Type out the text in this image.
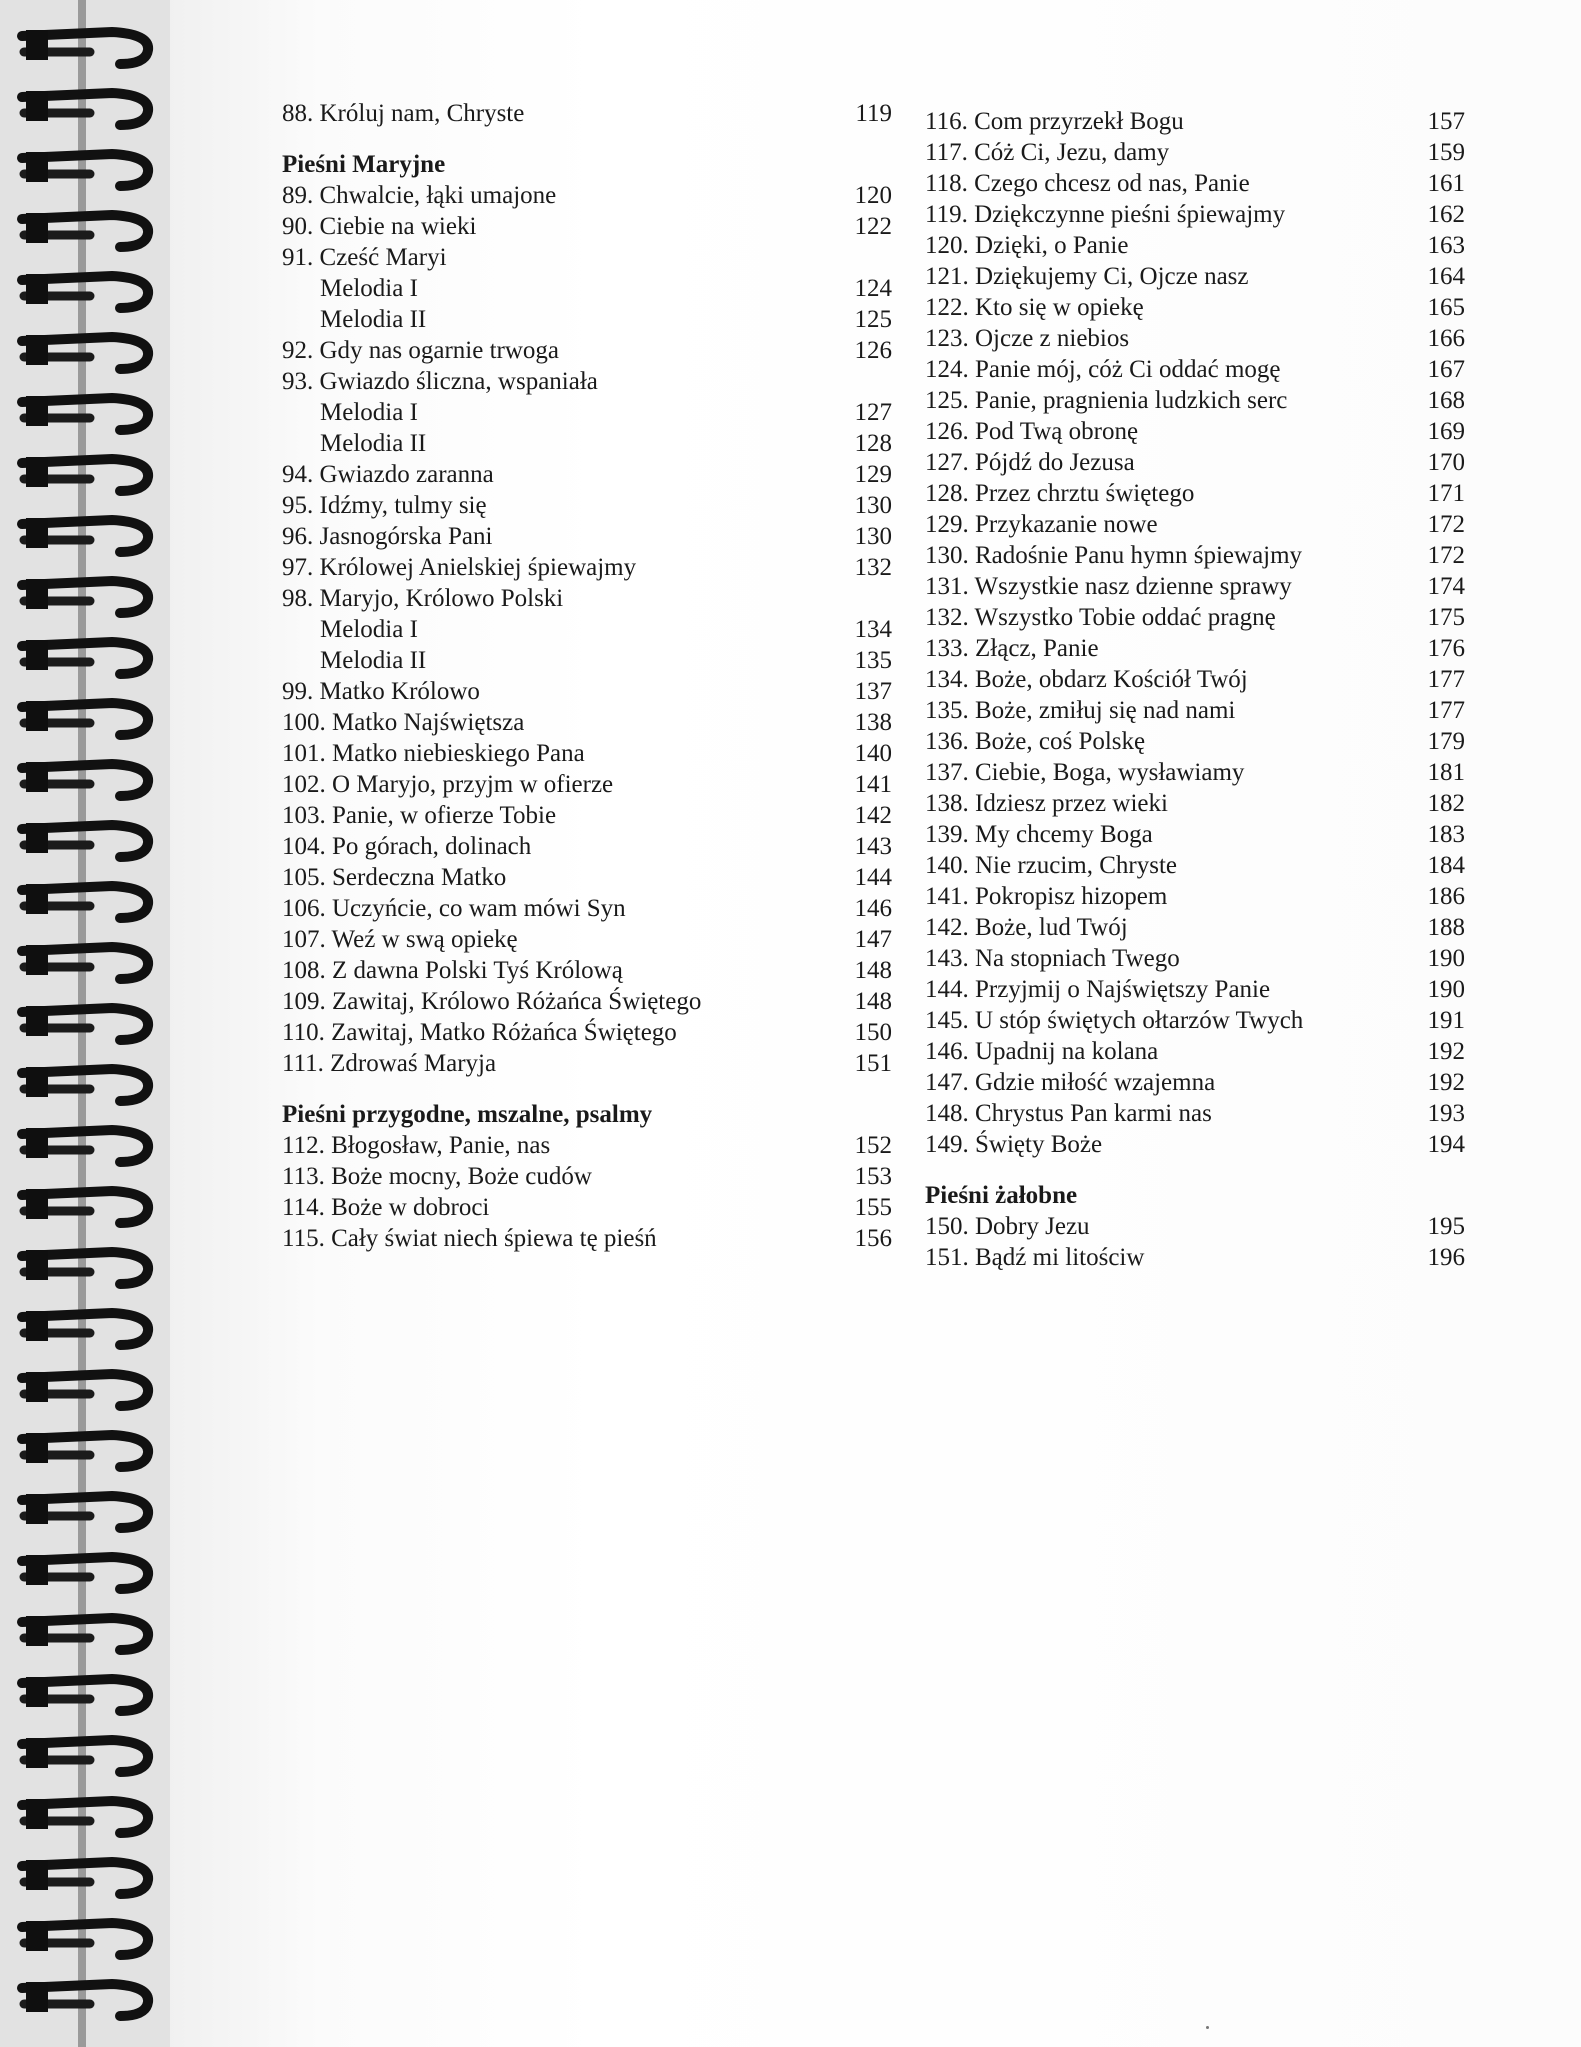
88. Króluj nam, Chryste	119
Pieśni Maryjne
89. Chwalcie, łąki umajone	120
90. Ciebie na wieki	122
91. Cześć Maryi
Melodia I	124
Melodia II	125
92. Gdy nas ogarnie trwoga	126
93. Gwiazdo śliczna, wspaniała
Melodia I	127
Melodia II	128
94. Gwiazdo zaranna	129
95. Idźmy, tulmy się	130
96. Jasnogórska Pani	130
97. Królowej Anielskiej śpiewajmy	132
98. Maryjo, Królowo Polski
Melodia I	134
Melodia II	135
99. Matko Królowo	137
100. Matko Najświętsza	138
101. Matko niebieskiego Pana	140
102. O Maryjo, przyjm w ofierze	141
103. Panie, w ofierze Tobie	142
104. Po górach, dolinach	143
105. Serdeczna Matko	144
106. Uczyńcie, co wam mówi Syn	146
107. Weź w swą opiekę	147
108. Z dawna Polski Tyś Królową	148
109. Zawitaj, Królowo Różańca Świętego	148
110. Zawitaj, Matko Różańca Świętego	150
111. Zdrowaś Maryja	151
Pieśni przygodne, mszalne, psalmy
112. Błogosław, Panie, nas	152
113. Boże mocny, Boże cudów	153
114. Boże w dobroci	155
115. Cały świat niech śpiewa tę pieśń	156
116. Com przyrzekł Bogu	157
117. Cóż Ci, Jezu, damy	159
118. Czego chcesz od nas, Panie	161
119. Dziękczynne pieśni śpiewajmy	162
120. Dzięki, o Panie	163
121. Dziękujemy Ci, Ojcze nasz	164
122. Kto się w opiekę	165
123. Ojcze z niebios	166
124. Panie mój, cóż Ci oddać mogę	167
125. Panie, pragnienia ludzkich serc	168
126. Pod Twą obronę	169
127. Pójdź do Jezusa	170
128. Przez chrztu świętego	171
129. Przykazanie nowe	172
130. Radośnie Panu hymn śpiewajmy	172
131. Wszystkie nasz dzienne sprawy	174
132. Wszystko Tobie oddać pragnę	175
133. Złącz, Panie	176
134. Boże, obdarz Kościół Twój	177
135. Boże, zmiłuj się nad nami	177
136. Boże, coś Polskę	179
137. Ciebie, Boga, wysławiamy	181
138. Idziesz przez wieki	182
139. My chcemy Boga	183
140. Nie rzucim, Chryste	184
141. Pokropisz hizopem	186
142. Boże, lud Twój	188
143. Na stopniach Twego	190
144. Przyjmij o Najświętszy Panie	190
145. U stóp świętych ołtarzów Twych	191
146. Upadnij na kolana	192
147. Gdzie miłość wzajemna	192
148. Chrystus Pan karmi nas	193
149. Święty Boże	194
Pieśni żałobne
150. Dobry Jezu	195
151. Bądź mi litościw	196
